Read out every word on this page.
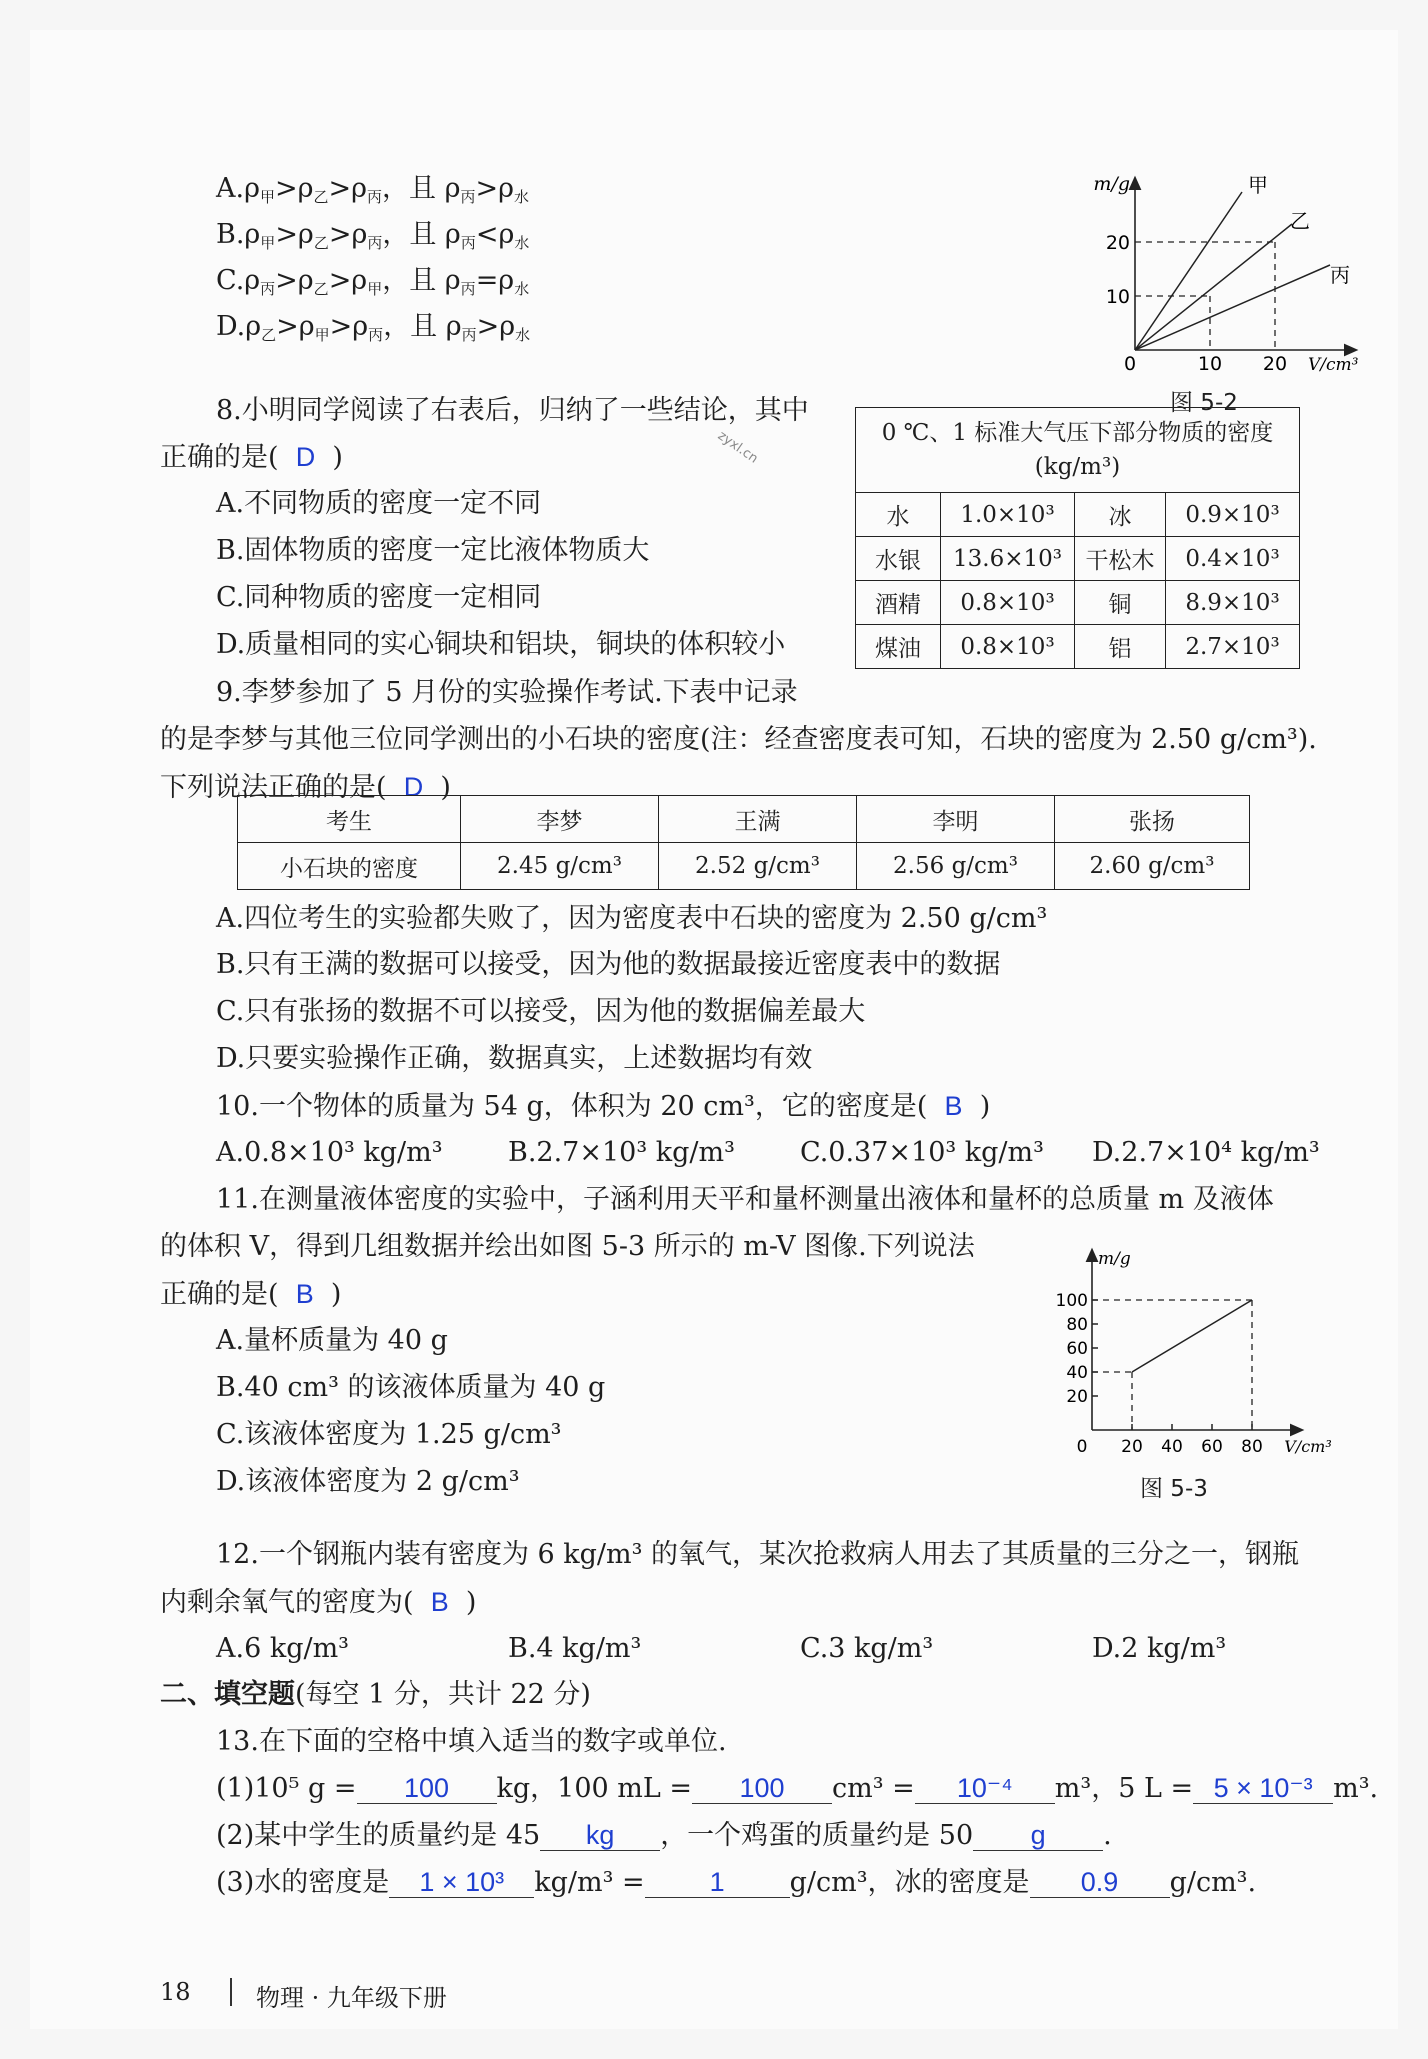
$A.\rho_甲>\rho_乙>\rho_丙$，且 $\rho_丙>\rho_水$
$B.\rho_甲>\rho_乙>\rho_丙$，且 $\rho_丙<\rho_水$
$C.\rho_丙>\rho_乙>\rho_甲$，且 $\rho_丙=\rho_水$
$D.\rho_乙>\rho_甲>\rho_丙$，且 $\rho_丙>\rho_水$
m/g
20
10
0	10 20 V/cm³
甲
乙
丙
图 5-2
8.小明同学阅读了右表后，归纳了一些结论，其中
正确的是( D )
A.不同物质的密度一定不同
B.固体物质的密度一定比液体物质大
C.同种物质的密度一定相同
D.质量相同的实心铜块和铝块，铜块的体积较小
zyxl.cn	0 ℃、1 标准大气压下部分物质的密度
(kg/m³)			
水	1.0×10³	冰	0.9×10³
水银	13.6×10³	干松木	0.4×10³
酒精	0.8×10³	铜	8.9×10³
煤油	0.8×10³	铝	2.7×10³
9.李梦参加了 5 月份的实验操作考试.下表中记录
的是李梦与其他三位同学测出的小石块的密度(注：经查密度表可知，石块的密度为 2.50 g/cm³).
下列说法正确的是( D )
考生	李梦	王满	李明	张扬
小石块的密度	2.45 g/cm³	2.52 g/cm³	2.56 g/cm³	2.60 g/cm³
A.四位考生的实验都失败了，因为密度表中石块的密度为 2.50 g/cm³
B.只有王满的数据可以接受，因为他的数据最接近密度表中的数据
C.只有张扬的数据不可以接受，因为他的数据偏差最大
D.只要实验操作正确，数据真实，上述数据均有效
10.一个物体的质量为 54 g，体积为 20 cm³，它的密度是( B )
A.0.8×10³ kg/m³ B.2.7×10³ kg/m³ C.0.37×10³ kg/m³ D.2.7×10⁴ kg/m³
11.在测量液体密度的实验中，子涵利用天平和量杯测量出液体和量杯的总质量 m 及液体
的体积 V，得到几组数据并绘出如图 5-3 所示的 m-V 图像.下列说法
正确的是( B )
A.量杯质量为 40 g
B.40 cm³ 的该液体质量为 40 g
C.该液体密度为 1.25 g/cm³
D.该液体密度为 2 g/cm³
m/g
100
80
60
40
20
0 20 40 60 80 V/cm³
图 5-3
12.一个钢瓶内装有密度为 6 kg/m³ 的氧气，某次抢救病人用去了其质量的三分之一，钢瓶
内剩余氧气的密度为( B )
A.6 kg/m³	B.4 kg/m³	C.3 kg/m³	D.2 kg/m³
二、填空题(每空 1 分，共计 22 分)
13.在下面的空格中填入适当的数字或单位.
(1)10⁵ g = 100 kg，100 mL = 100 cm³ = 10⁻⁴ m³，5 L = 5 × 10⁻³ m³.
(2)某中学生的质量约是 45 kg ，一个鸡蛋的质量约是 50 g .
(3)水的密度是 1 × 10³ kg/m³ = 1 g/cm³，冰的密度是 0.9 g/cm³.
18	物理 · 九年级下册
